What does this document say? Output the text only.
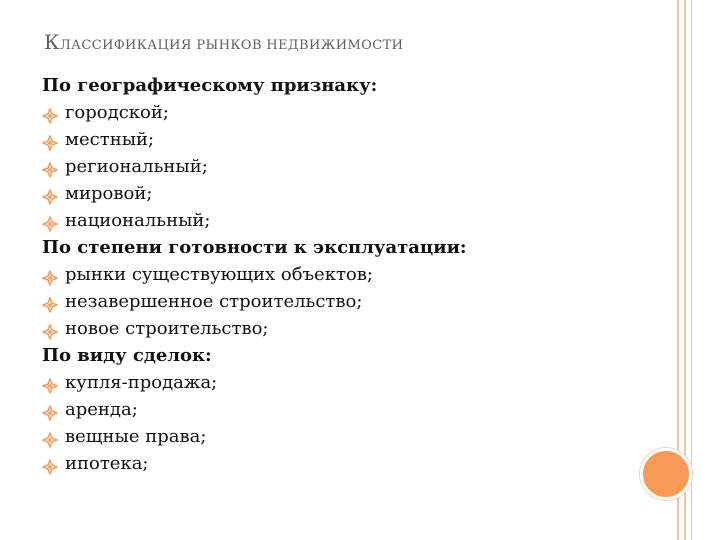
КЛАССИФИКАЦИЯ РЫНКОВ НЕДВИЖИМОСТИ
По географическому признаку:
городской;
местный;
региональный;
мировой;
национальный;
По степени готовности к эксплуатации:
рынки существующих объектов;
незавершенное строительство;
новое строительство;
По виду сделок:
купля-продажа;
аренда;
вещные права;
ипотека;
